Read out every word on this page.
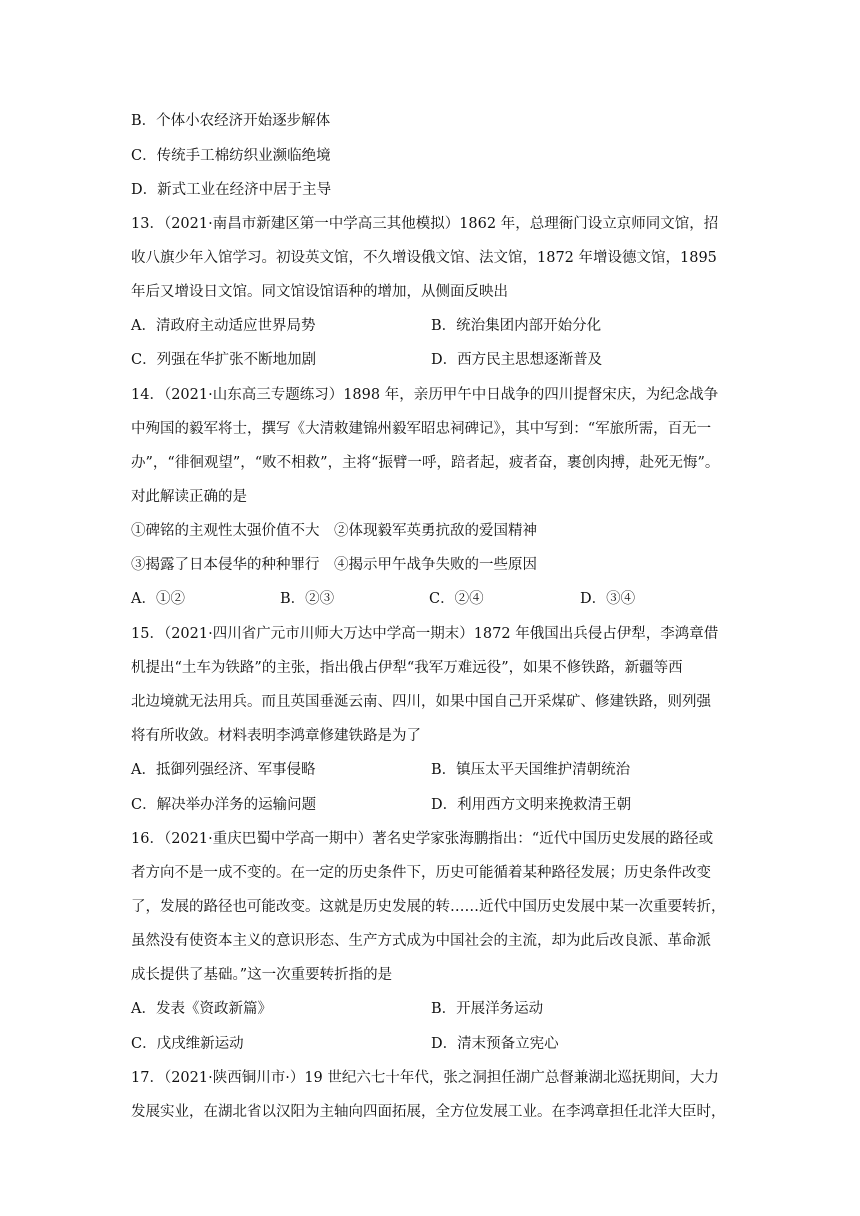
B．个体小农经济开始逐步解体
C．传统手工棉纺织业濒临绝境
D．新式工业在经济中居于主导
13．（2021·南昌市新建区第一中学高三其他模拟）1862 年，总理衙门设立京师同文馆，招
收八旗少年入馆学习。初设英文馆，不久增设俄文馆、法文馆，1872 年增设德文馆，1895
年后又增设日文馆。同文馆设馆语种的增加，从侧面反映出
A．清政府主动适应世界局势	B．统治集团内部开始分化
C．列强在华扩张不断地加剧	D．西方民主思想逐渐普及
14．（2021·山东高三专题练习）1898 年，亲历甲午中日战争的四川提督宋庆，为纪念战争
中殉国的毅军将士，撰写《大清敕建锦州毅军昭忠祠碑记》，其中写到：“军旅所需，百无一
办”，“徘徊观望”，“败不相救”，主将“振臂一呼，踣者起，疲者奋，裹创肉搏，赴死无悔”。
对此解读正确的是
①碑铭的主观性太强价值不大　②体现毅军英勇抗敌的爱国精神
③揭露了日本侵华的种种罪行　④揭示甲午战争失败的一些原因
A．①②	B．②③	C．②④	D．③④
15．（2021·四川省广元市川师大万达中学高一期末）1872 年俄国出兵侵占伊犁，李鸿章借
机提出“土车为铁路”的主张，指出俄占伊犁“我军万难远役”，如果不修铁路，新疆等西
北边境就无法用兵。而且英国垂涎云南、四川，如果中国自己开采煤矿、修建铁路，则列强
将有所收敛。材料表明李鸿章修建铁路是为了
A．抵御列强经济、军事侵略	B．镇压太平天国维护清朝统治
C．解决举办洋务的运输问题	D．利用西方文明来挽救清王朝
16．（2021·重庆巴蜀中学高一期中）著名史学家张海鹏指出：“近代中国历史发展的路径或
者方向不是一成不变的。在一定的历史条件下，历史可能循着某种路径发展；历史条件改变
了，发展的路径也可能改变。这就是历史发展的转……近代中国历史发展中某一次重要转折，
虽然没有使资本主义的意识形态、生产方式成为中国社会的主流，却为此后改良派、革命派
成长提供了基础。”这一次重要转折指的是
A．发表《资政新篇》	B．开展洋务运动
C．戊戌维新运动	D．清末预备立宪心
17．（2021·陕西铜川市·）19 世纪六七十年代，张之洞担任湖广总督兼湖北巡抚期间，大力
发展实业，在湖北省以汉阳为主轴向四面拓展，全方位发展工业。在李鸿章担任北洋大臣时，
